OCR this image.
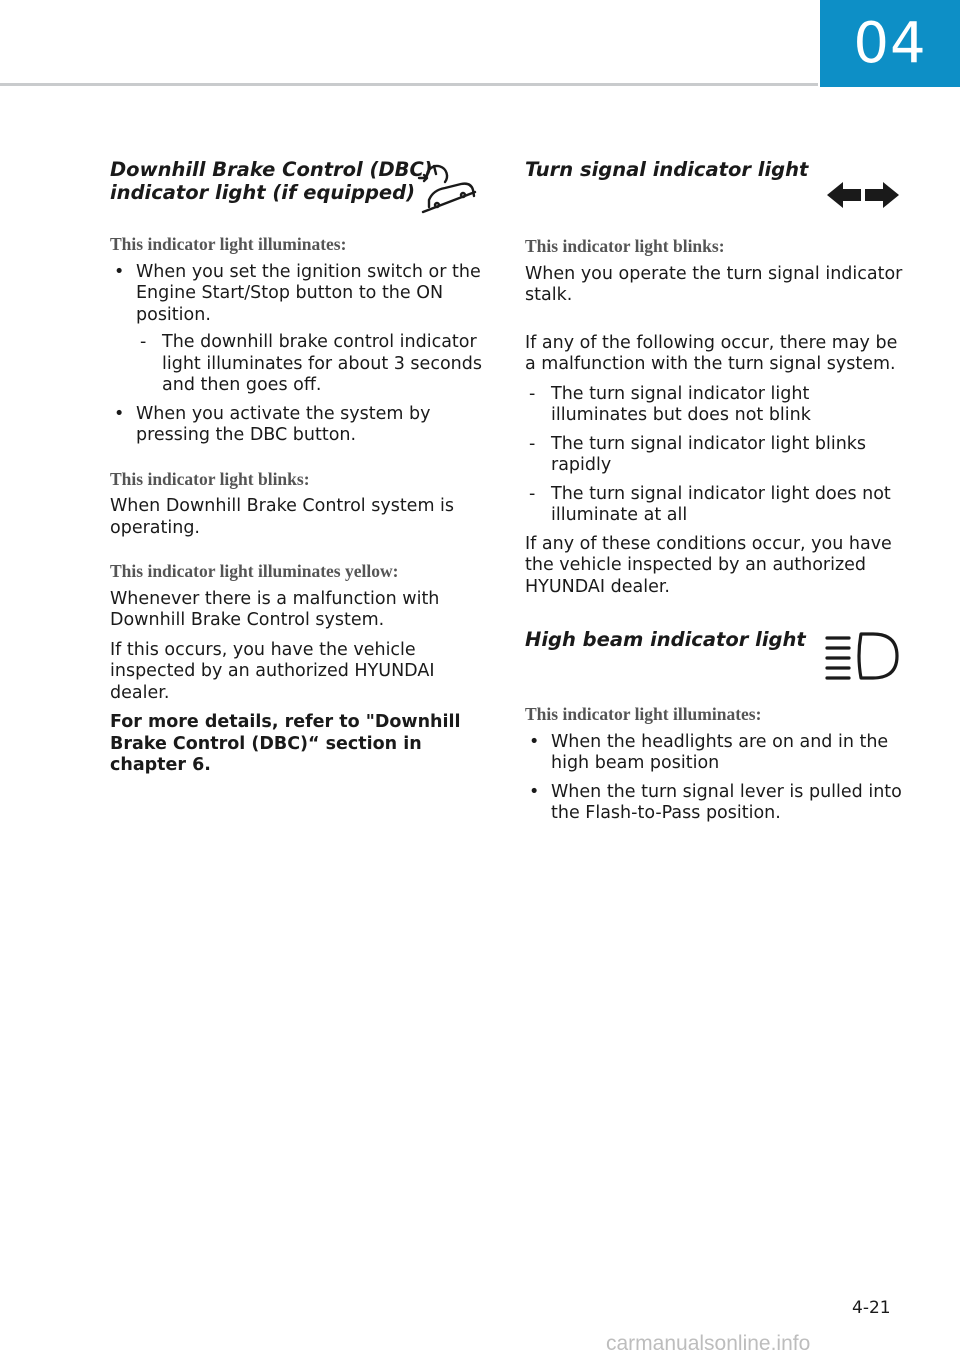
04
Downhill Brake Control (DBC)
indicator light (if equipped)

This indicator light illuminates:

• When you set the ignition switch or the Engine Start/Stop button to the ON position.
- The downhill brake control indicator light illuminates for about 3 seconds and then goes off.
• When you activate the system by pressing the DBC button.

This indicator light blinks:

When Downhill Brake Control system is operating.

This indicator light illuminates yellow:

Whenever there is a malfunction with Downhill Brake Control system.

If this occurs, you have the vehicle inspected by an authorized HYUNDAI dealer.

For more details, refer to "Downhill Brake Control (DBC)“ section in chapter 6.

Turn signal indicator light

This indicator light blinks:

When you operate the turn signal indicator stalk.

If any of the following occur, there may be a malfunction with the turn signal system.

- The turn signal indicator light illuminates but does not blink
- The turn signal indicator light blinks rapidly
- The turn signal indicator light does not illuminate at all

If any of these conditions occur, you have the vehicle inspected by an authorized HYUNDAI dealer.

High beam indicator light

This indicator light illuminates:

• When the headlights are on and in the high beam position
• When the turn signal lever is pulled into the Flash-to-Pass position.
4-21
carmanualsonline.info
